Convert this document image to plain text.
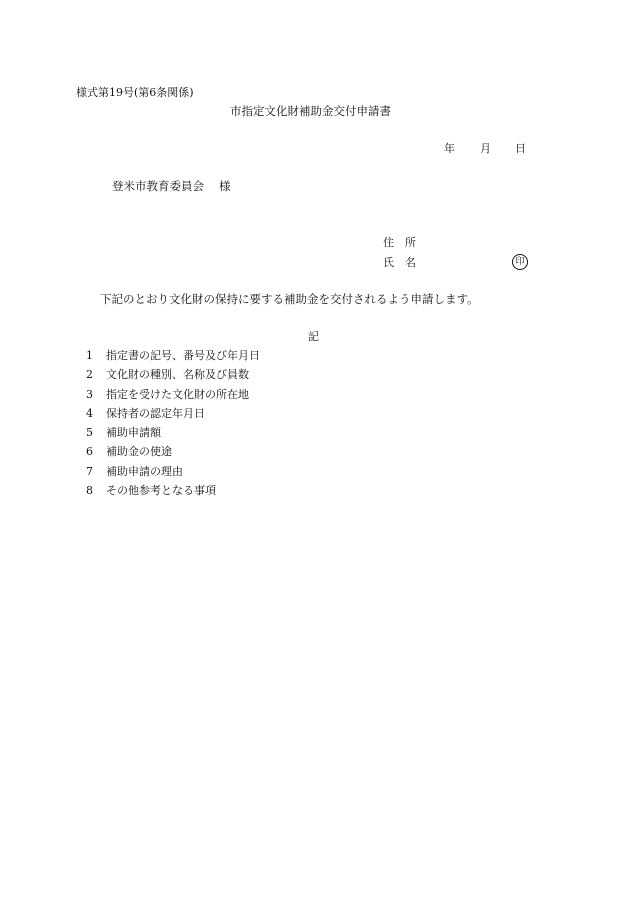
様式第19号(第6条関係)
市指定文化財補助金交付申請書
年 月 日
登米市教育委員会 様
住　所
氏　名	印
下記のとおり文化財の保持に要する補助金を交付されるよう申請します。
記
1	指定書の記号、番号及び年月日
2	文化財の種別、名称及び員数
3	指定を受けた文化財の所在地
4	保持者の認定年月日
5	補助申請額
6	補助金の使途
7	補助申請の理由
8	その他参考となる事項
